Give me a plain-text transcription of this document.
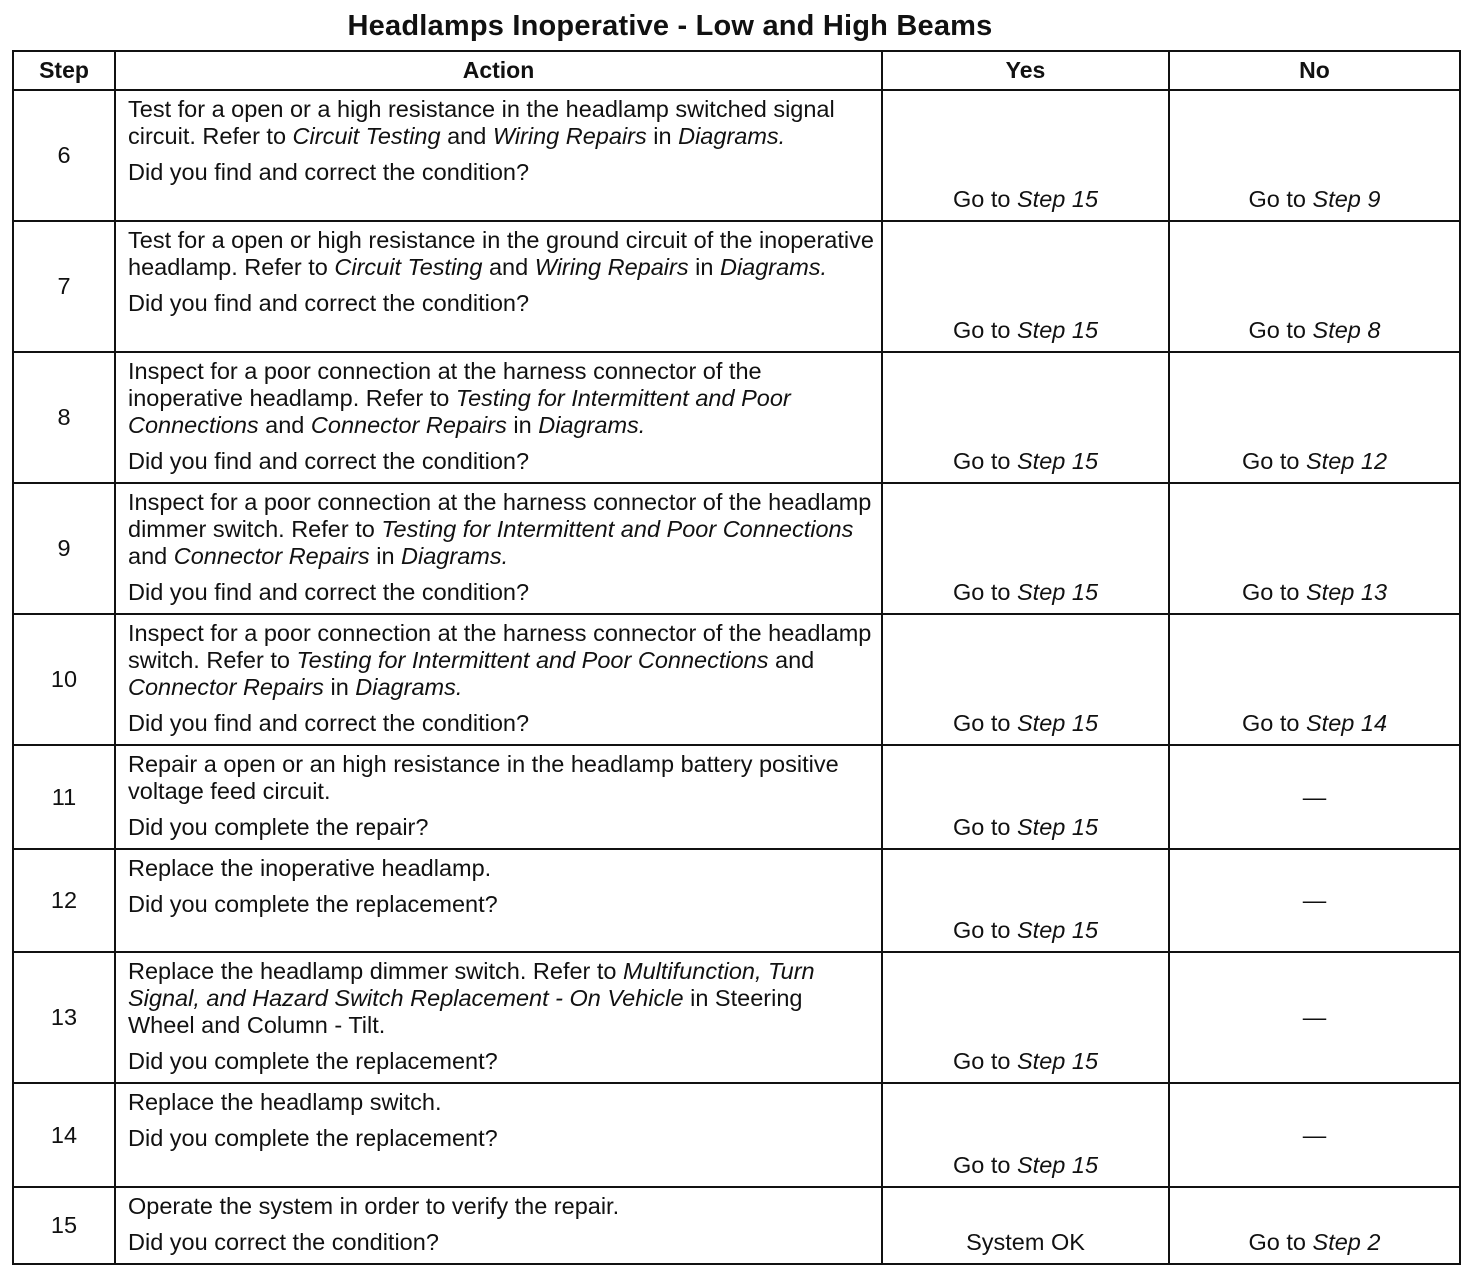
Headlamps Inoperative - Low and High Beams
Step	Action	Yes	No
6	Test for a open or a high resistance in the headlamp switched signal circuit. Refer to Circuit Testing and Wiring Repairs in Diagrams.
Did you find and correct the condition?	Go to Step 15	Go to Step 9
7	Test for a open or high resistance in the ground circuit of the inoperative headlamp. Refer to Circuit Testing and Wiring Repairs in Diagrams.
Did you find and correct the condition?	Go to Step 15	Go to Step 8
8	Inspect for a poor connection at the harness connector of the inoperative headlamp. Refer to Testing for Intermittent and Poor Connections and Connector Repairs in Diagrams.
Did you find and correct the condition?	Go to Step 15	Go to Step 12
9	Inspect for a poor connection at the harness connector of the headlamp dimmer switch. Refer to Testing for Intermittent and Poor Connections and Connector Repairs in Diagrams.
Did you find and correct the condition?	Go to Step 15	Go to Step 13
10	Inspect for a poor connection at the harness connector of the headlamp switch. Refer to Testing for Intermittent and Poor Connections and Connector Repairs in Diagrams.
Did you find and correct the condition?	Go to Step 15	Go to Step 14
11	Repair a open or an high resistance in the headlamp battery positive voltage feed circuit.
Did you complete the repair?	Go to Step 15	—
12	Replace the inoperative headlamp.
Did you complete the replacement?	Go to Step 15	—
13	Replace the headlamp dimmer switch. Refer to Multifunction, Turn Signal, and Hazard Switch Replacement - On Vehicle in Steering Wheel and Column - Tilt.
Did you complete the replacement?	Go to Step 15	—
14	Replace the headlamp switch.
Did you complete the replacement?	Go to Step 15	—
15	Operate the system in order to verify the repair.
Did you correct the condition?	System OK	Go to Step 2
